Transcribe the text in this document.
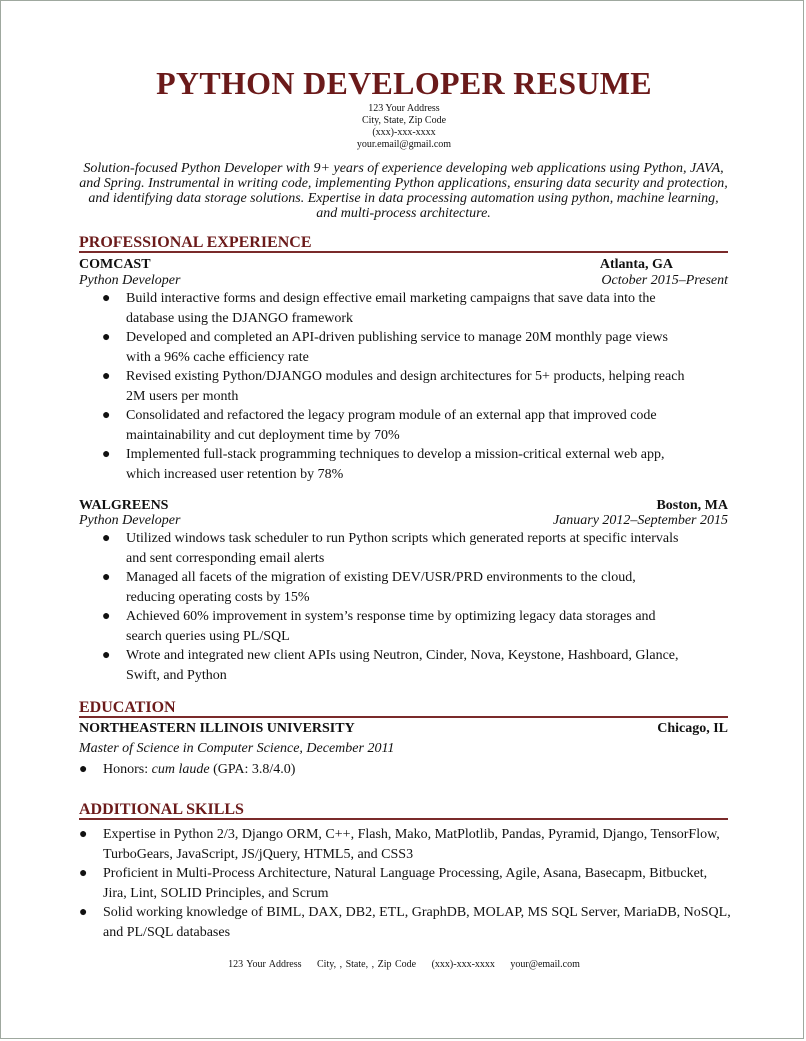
PYTHON DEVELOPER RESUME
123 Your Address
City, State, Zip Code
(xxx)-xxx-xxxx
your.email@gmail.com
Solution-focused Python Developer with 9+ years of experience developing web applications using Python, JAVA, and Spring. Instrumental in writing code, implementing Python applications, ensuring data security and protection, and identifying data storage solutions. Expertise in data processing automation using python, machine learning, and multi-process architecture.
PROFESSIONAL EXPERIENCE
COMCAST	Atlanta, GA
Python Developer	October 2015–Present
● Build interactive forms and design effective email marketing campaigns that save data into the database using the DJANGO framework
● Developed and completed an API-driven publishing service to manage 20M monthly page views with a 96% cache efficiency rate
● Revised existing Python/DJANGO modules and design architectures for 5+ products, helping reach 2M users per month
● Consolidated and refactored the legacy program module of an external app that improved code maintainability and cut deployment time by 70%
● Implemented full-stack programming techniques to develop a mission-critical external web app, which increased user retention by 78%
WALGREENS	Boston, MA
Python Developer	January 2012–September 2015
● Utilized windows task scheduler to run Python scripts which generated reports at specific intervals and sent corresponding email alerts
● Managed all facets of the migration of existing DEV/USR/PRD environments to the cloud, reducing operating costs by 15%
● Achieved 60% improvement in system’s response time by optimizing legacy data storages and search queries using PL/SQL
● Wrote and integrated new client APIs using Neutron, Cinder, Nova, Keystone, Hashboard, Glance, Swift, and Python
EDUCATION
NORTHEASTERN ILLINOIS UNIVERSITY	Chicago, IL
Master of Science in Computer Science, December 2011
● Honors: cum laude (GPA: 3.8/4.0)
ADDITIONAL SKILLS
● Expertise in Python 2/3, Django ORM, C++, Flash, Mako, MatPlotlib, Pandas, Pyramid, Django, TensorFlow, TurboGears, JavaScript, JS/jQuery, HTML5, and CSS3
● Proficient in Multi-Process Architecture, Natural Language Processing, Agile, Asana, Basecapm, Bitbucket, Jira, Lint, SOLID Principles, and Scrum
● Solid working knowledge of BIML, DAX, DB2, ETL, GraphDB, MOLAP, MS SQL Server, MariaDB, NoSQL, and PL/SQL databases
123 Your Address City, , State, , Zip Code (xxx)-xxx-xxxx your@email.com
